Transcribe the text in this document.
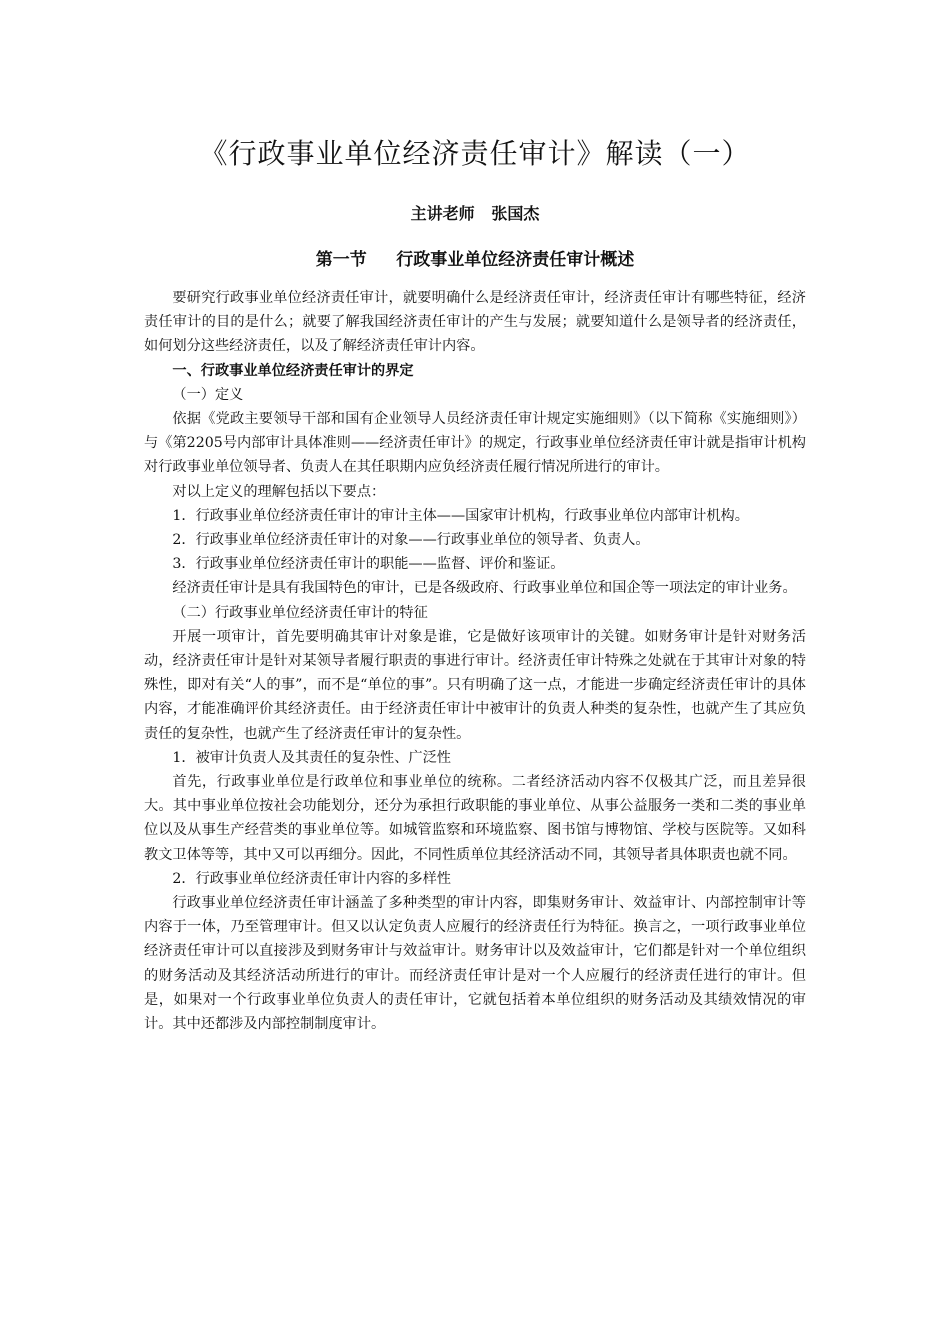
《行政事业单位经济责任审计》解读（一）
主讲老师   张国杰
第一节     行政事业单位经济责任审计概述

要研究行政事业单位经济责任审计，就要明确什么是经济责任审计，经济责任审计有哪些特征，经济责任审计的目的是什么；就要了解我国经济责任审计的产生与发展；就要知道什么是领导者的经济责任，如何划分这些经济责任，以及了解经济责任审计内容。

一、行政事业单位经济责任审计的界定

（一）定义

依据《党政主要领导干部和国有企业领导人员经济责任审计规定实施细则》（以下简称《实施细则》）与《第2205号内部审计具体准则——经济责任审计》的规定，行政事业单位经济责任审计就是指审计机构对行政事业单位领导者、负责人在其任职期内应负经济责任履行情况所进行的审计。

对以上定义的理解包括以下要点：

1．行政事业单位经济责任审计的审计主体——国家审计机构，行政事业单位内部审计机构。

2．行政事业单位经济责任审计的对象——行政事业单位的领导者、负责人。

3．行政事业单位经济责任审计的职能——监督、评价和鉴证。

经济责任审计是具有我国特色的审计，已是各级政府、行政事业单位和国企等一项法定的审计业务。

（二）行政事业单位经济责任审计的特征

开展一项审计，首先要明确其审计对象是谁，它是做好该项审计的关键。如财务审计是针对财务活动，经济责任审计是针对某领导者履行职责的事进行审计。经济责任审计特殊之处就在于其审计对象的特殊性，即对有关“人的事”，而不是“单位的事”。只有明确了这一点，才能进一步确定经济责任审计的具体内容，才能准确评价其经济责任。由于经济责任审计中被审计的负责人种类的复杂性，也就产生了其应负责任的复杂性，也就产生了经济责任审计的复杂性。

1．被审计负责人及其责任的复杂性、广泛性

首先，行政事业单位是行政单位和事业单位的统称。二者经济活动内容不仅极其广泛，而且差异很大。其中事业单位按社会功能划分，还分为承担行政职能的事业单位、从事公益服务一类和二类的事业单位以及从事生产经营类的事业单位等。如城管监察和环境监察、图书馆与博物馆、学校与医院等。又如科教文卫体等等，其中又可以再细分。因此，不同性质单位其经济活动不同，其领导者具体职责也就不同。

2．行政事业单位经济责任审计内容的多样性

行政事业单位经济责任审计涵盖了多种类型的审计内容，即集财务审计、效益审计、内部控制审计等内容于一体，乃至管理审计。但又以认定负责人应履行的经济责任行为特征。换言之，一项行政事业单位经济责任审计可以直接涉及到财务审计与效益审计。财务审计以及效益审计，它们都是针对一个单位组织的财务活动及其经济活动所进行的审计。而经济责任审计是对一个人应履行的经济责任进行的审计。但是，如果对一个行政事业单位负责人的责任审计，它就包括着本单位组织的财务活动及其绩效情况的审计。其中还都涉及内部控制制度审计。
